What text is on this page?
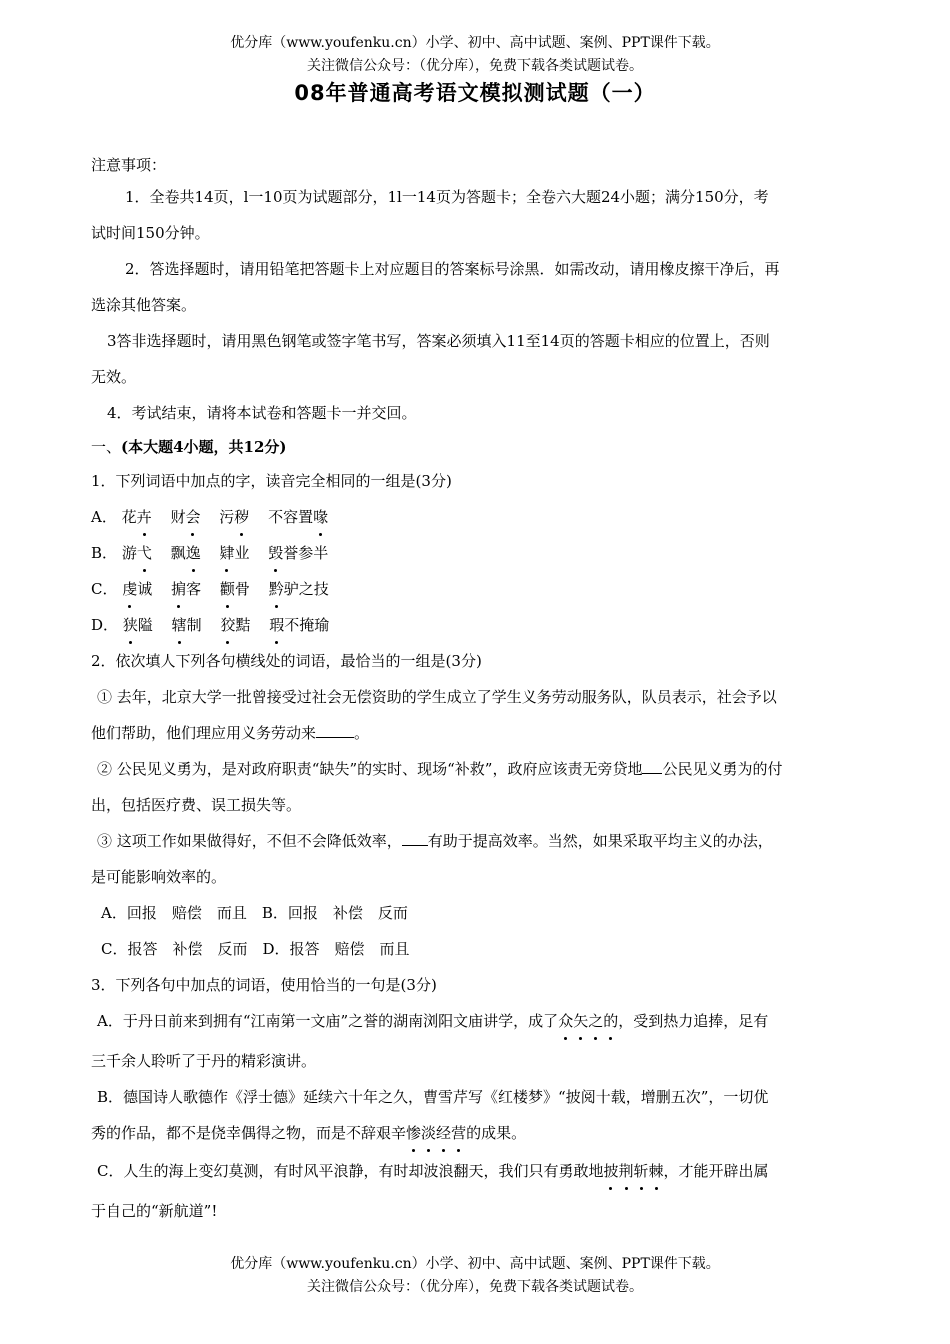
优分库（www.youfenku.cn）小学、初中、高中试题、案例、PPT课件下载。
关注微信公众号：（优分库），免费下载各类试题试卷。
08年普通高考语文模拟测试题（一）

注意事项：

1．全卷共14页，l一10页为试题部分，1l一14页为答题卡；全卷六大题24小题；满分150分，考

试时间150分钟。

2．答选择题时，请用铅笔把答题卡上对应题目的答案标号涂黑．如需改动，请用橡皮擦干净后，再

选涂其他答案。

3答非选择题时，请用黑色钢笔或签字笔书写，答案必须填入11至14页的答题卡相应的位置上，否则

无效。

4．考试结束，请将本试卷和答题卡一并交回。

一、(本大题4小题，共12分)

1．下列词语中加点的字，读音完全相同的一组是(3分)

A． 花卉 财会 污秽 不容置喙

B． 游弋 飘逸 肄业 毁誉参半

C． 虔诚 掮客 颧骨 黔驴之技

D． 狭隘 辖制 狡黠 瑕不掩瑜

2．依次填人下列各句横线处的词语，最恰当的一组是(3分)

① 去年，北京大学一批曾接受过社会无偿资助的学生成立了学生义务劳动服务队，队员表示，社会予以

他们帮助，他们理应用义务劳动来	。

② 公民见义勇为，是对政府职责“缺失”的实时、现场“补救”，政府应该责无旁贷地 公民见义勇为的付

出，包括医疗费、误工损失等。

③ 这项工作如果做得好，不但不会降低效率， 有助于提高效率。当然，如果采取平均主义的办法，

是可能影响效率的。

A．回报　赔偿　而且　 B．回报　补偿　反而

C．报答　补偿　反而　 D．报答　赔偿　而且

3．下列各句中加点的词语，使用恰当的一句是(3分)

A．于丹日前来到拥有“江南第一文庙”之誉的湖南浏阳文庙讲学，成了众矢之的，受到热力追捧，足有

三千余人聆听了于丹的精彩演讲。

B．德国诗人歌德作《浮士德》延续六十年之久，曹雪芹写《红楼梦》“披阅十载，增删五次”，一切优

秀的作品，都不是侥幸偶得之物，而是不辞艰辛惨淡经营的成果。

C．人生的海上变幻莫测，有时风平浪静，有时却波浪翻天，我们只有勇敢地披荆斩棘，才能开辟出属

于自己的“新航道”!

优分库（www.youfenku.cn）小学、初中、高中试题、案例、PPT课件下载。
关注微信公众号：（优分库），免费下载各类试题试卷。
